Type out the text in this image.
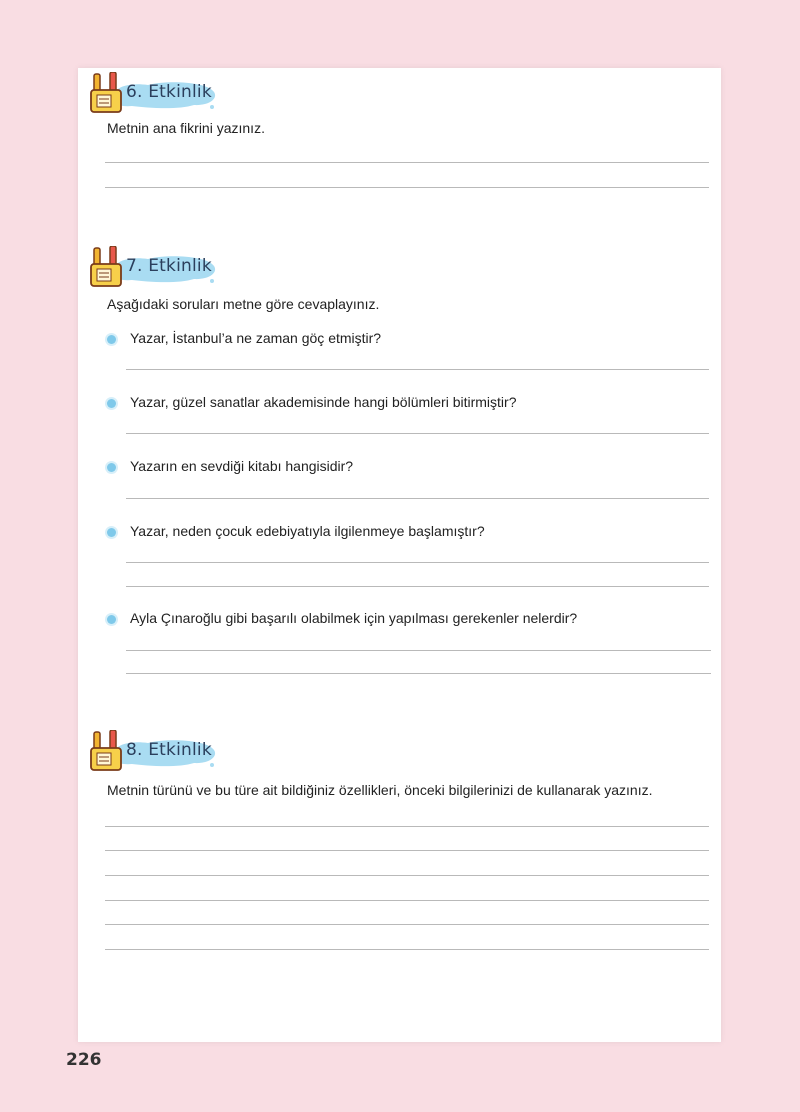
6. Etkinlik
Metnin ana fikrini yazınız.
7. Etkinlik
Aşağıdaki soruları metne göre cevaplayınız.
Yazar, İstanbul’a ne zaman göç etmiştir?
Yazar, güzel sanatlar akademisinde hangi bölümleri bitirmiştir?
Yazarın en sevdiği kitabı hangisidir?
Yazar, neden çocuk edebiyatıyla ilgilenmeye başlamıştır?
Ayla Çınaroğlu gibi başarılı olabilmek için yapılması gerekenler nelerdir?
8. Etkinlik
Metnin türünü ve bu türe ait bildiğiniz özellikleri, önceki bilgilerinizi de kullanarak yazınız.
226
